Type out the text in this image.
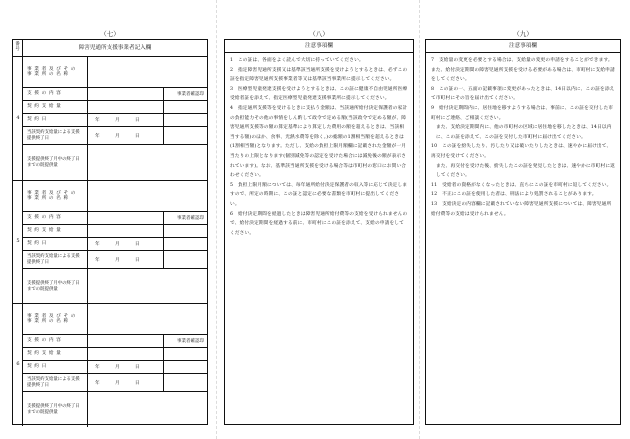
（七）	（八）	（九）
番号	障害児通所支援事業者記入欄
4
事業者及びその事業所の名称
支援の内容	事業者確認印
契約支給量
契約日	年	月	日
当該契約支給量による支援提供終了日	年	月	日
支援提供終了月中の終了日までの既提供量
5
事業者及びその事業所の名称
支援の内容	事業者確認印
契約支給量
契約日	年	月	日
当該契約支給量による支援提供終了日	年	月	日
支援提供終了月中の終了日までの既提供量
6
事業者及びその事業所の名称
支援の内容	事業者確認印
契約支給量
契約日	年	月	日
当該契約支給量による支援提供終了日	年	月	日
支援提供終了月中の終了日までの既提供量
注意事項欄

1　この証は、各面をよく読んで大切に持っていてください。

2　指定障害児通所支援又は基準該当通所支援を受けようとするときは、必ずこの証を指定障害児通所支援事業者等又は基準該当事業所に提示してください。

3　医療型児童発達支援を受けようとするときは、この証に健康不自由児通所医療受給者証を添えて、指定医療型児童発達支援事業所に提示してください。

4　指定通所支援等を受けるときに支払う金額は、当該通所給付決定保護者の家計の負担能力その他の事情をしん酌して政令で定める額(当該政令で定める額が、障害児通所支援等の額の算定基準により算定した費用の額を超えるときは、当該相当する額)のほか、食事、光熱水費等を除く。)の総額の1割相当額を超えるときは(1割相当額)となります。ただし、支給の負担上限月額欄に記載された金額が一月当たりの上限となります(個別減免等の認定を受けた場合には減免後の額が表示されています)。なお、基準該当通所支援を受ける場合等は市町村の窓口にお問い合わせください。

5　負担上限月額については、毎年通所給付決定保護者の収入等に応じて決定しますので、所定の時期に、この証と認定に必要な書類を市町村に提出してください。

6　給付決定期間を経過したときは障害児通所給付費等の支給を受けられませんので、給付決定期間を経過する前に、市町村にこの証を添えて、支給の申請をしてください。

注意事項欄

7　支給量の変更を必要とする場合は、支給量の変更の申請をすることができます。また、給付決定期間の障害児通所支援を受ける必要がある場合は、市町村に支給申請をしてください。

8　この証の一、五面の記載事項に変更があったときは、14日以内に、この証を添えて市町村にその旨を届け出てください。

9　給付決定期間内に、居住地を移すようする場合は、事前に、この証を交付した市町村にご連絡、ご相談ください。

また、支給決定期間内に、他の市町村の区域に居住地を移したときは、14日以内に、この証を添えて、この証を交付した市町村に届け出てください。

10　この証を紛失したり、汚したり又は破いたりしたときは、速やかに届け出て、再交付を受けてください。

また、再交付を受けた後、紛失したこの証を発見したときは、速やかに市町村に返してください。

11　受給者の資格がなくなったときは、直ちにこの証を市町村に返してください。

12　不正にこの証を使用した者は、刑法により処罰されることがあります。

13　支給決定の内容欄に記載されていない障害児通所支援については、障害児通所給付費等の支給は受けられません。
